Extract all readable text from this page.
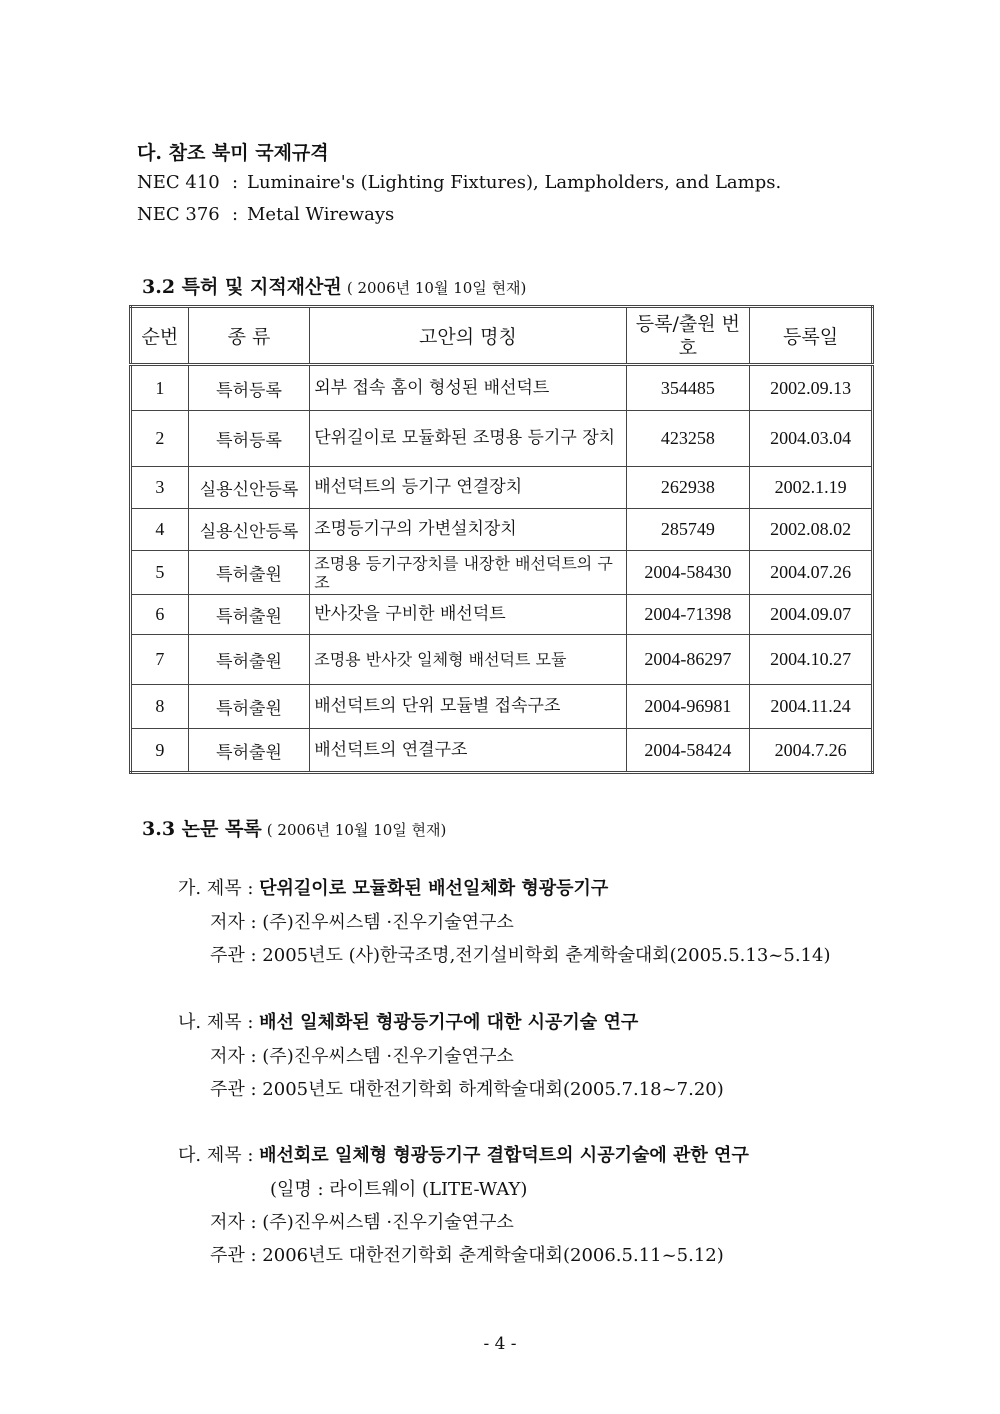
다. 참조 북미 국제규격
NEC 410 : Luminaire's (Lighting Fixtures), Lampholders, and Lamps.
NEC 376 : Metal Wireways
3.2 특허 및 지적재산권 ( 2006년 10월 10일 현재)
순번	종 류	고안의 명칭	등록/출원 번호	등록일
1	특허등록	외부 접속 홈이 형성된 배선덕트	354485	2002.09.13
2	특허등록	단위길이로 모듈화된 조명용 등기구 장치	423258	2004.03.04
3	실용신안등록	배선덕트의 등기구 연결장치	262938	2002.1.19
4	실용신안등록	조명등기구의 가변설치장치	285749	2002.08.02
5	특허출원	조명용 등기구장치를 내장한 배선덕트의 구조	2004-58430	2004.07.26
6	특허출원	반사갓을 구비한 배선덕트	2004-71398	2004.09.07
7	특허출원	조명용 반사갓 일체형 배선덕트 모듈	2004-86297	2004.10.27
8	특허출원	배선덕트의 단위 모듈별 접속구조	2004-96981	2004.11.24
9	특허출원	배선덕트의 연결구조	2004-58424	2004.7.26
3.3 논문 목록 ( 2006년 10월 10일 현재)
가. 제목 : 단위길이로 모듈화된 배선일체화 형광등기구
저자 : (주)진우씨스템 ·진우기술연구소
주관 : 2005년도 (사)한국조명,전기설비학회 춘계학술대회(2005.5.13~5.14)
나. 제목 : 배선 일체화된 형광등기구에 대한 시공기술 연구
저자 : (주)진우씨스템 ·진우기술연구소
주관 : 2005년도 대한전기학회 하계학술대회(2005.7.18~7.20)
다. 제목 : 배선회로 일체형 형광등기구 결합덕트의 시공기술에 관한 연구
(일명 : 라이트웨이 (LITE-WAY)
저자 : (주)진우씨스템 ·진우기술연구소
주관 : 2006년도 대한전기학회 춘계학술대회(2006.5.11~5.12)
- 4 -
